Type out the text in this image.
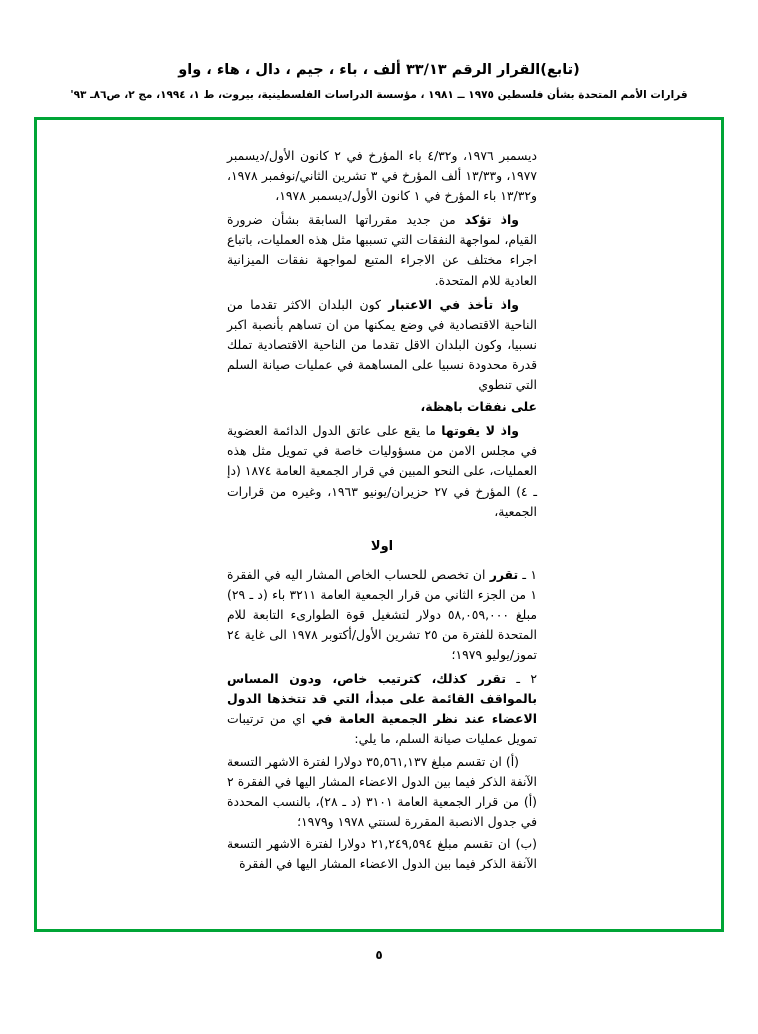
(تابع)القرار الرقم ٣٣/١٣ ألف ، باء ، جيم ، دال ، هاء ، واو
قرارات الأمم المتحدة بشأن فلسطين ١٩٧٥ ــ ١٩٨١ ، مؤسسة الدراسات الفلسطينية، بيروت، ط ١، ١٩٩٤، مج ٢، ص٨٦ـ ٩٣'

ديسمبر ١٩٧٦، و٤/٣٢ باء المؤرخ في ٢ كانون الأول/ديسمبر ١٩٧٧، و١٣/٣٣ ألف المؤرخ في ٣ تشرين الثاني/نوفمبر ١٩٧٨، و١٣/٣٢ باء المؤرخ في ١ كانون الأول/ديسمبر ١٩٧٨،

واذ تؤكد من جديد مقرراتها السابقة بشأن ضرورة القيام، لمواجهة النفقات التي تسببها مثل هذه العمليات، باتباع اجراء مختلف عن الاجراء المتبع لمواجهة نفقات الميزانية العادية للام المتحدة.

واذ تأخذ في الاعتبار كون البلدان الاكثر تقدما من الناحية الاقتصادية في وضع يمكنها من ان تساهم بأنصبة اكبر نسبيا، وكون البلدان الاقل تقدما من الناحية الاقتصادية تملك قدرة محدودة نسبيا على المساهمة في عمليات صيانة السلم التي تنطوي

على نفقات باهظة،

واذ لا يفوتها ما يقع على عاتق الدول الدائمة العضوية في مجلس الامن من مسؤوليات خاصة في تمويل مثل هذه العمليات، على النحو المبين في قرار الجمعية العامة ١٨٧٤ (دإ ـ ٤) المؤرخ في ٢٧ حزيران/يونيو ١٩٦٣، وغيره من قرارات الجمعية،

اولا

١ ـ تقرر ان تخصص للحساب الخاص المشار اليه في الفقرة ١ من الجزء الثاني من قرار الجمعية العامة ٣٢١١ باء (د ـ ٢٩) مبلغ ٥٨,٠٥٩,٠٠٠ دولار لتشغيل قوة الطوارىء التابعة للام المتحدة للفترة من ٢٥ تشرين الأول/أكتوبر ١٩٧٨ الى غاية ٢٤ تموز/يوليو ١٩٧٩؛

٢ ـ تقرر كذلك، كترتيب خاص، ودون المساس بالمواقف القائمة على مبدأ، التي قد تتخذها الدول الاعضاء عند نظر الجمعية العامة في اي من ترتيبات تمويل عمليات صيانة السلم، ما يلي:

(أ) ان تقسم مبلغ ٣٥,٥٦١,١٣٧ دولارا لفترة الاشهر التسعة الآنفة الذكر فيما بين الدول الاعضاء المشار اليها في الفقرة ٢ (أ) من قرار الجمعية العامة ٣١٠١ (د ـ ٢٨)، بالنسب المحددة في جدول الانصبة المقررة لسنتي ١٩٧٨ و١٩٧٩؛

(ب) ان تقسم مبلغ ٢١,٢٤٩,٥٩٤ دولارا لفترة الاشهر التسعة الآنفة الذكر فيما بين الدول الاعضاء المشار اليها في الفقرة

٥
